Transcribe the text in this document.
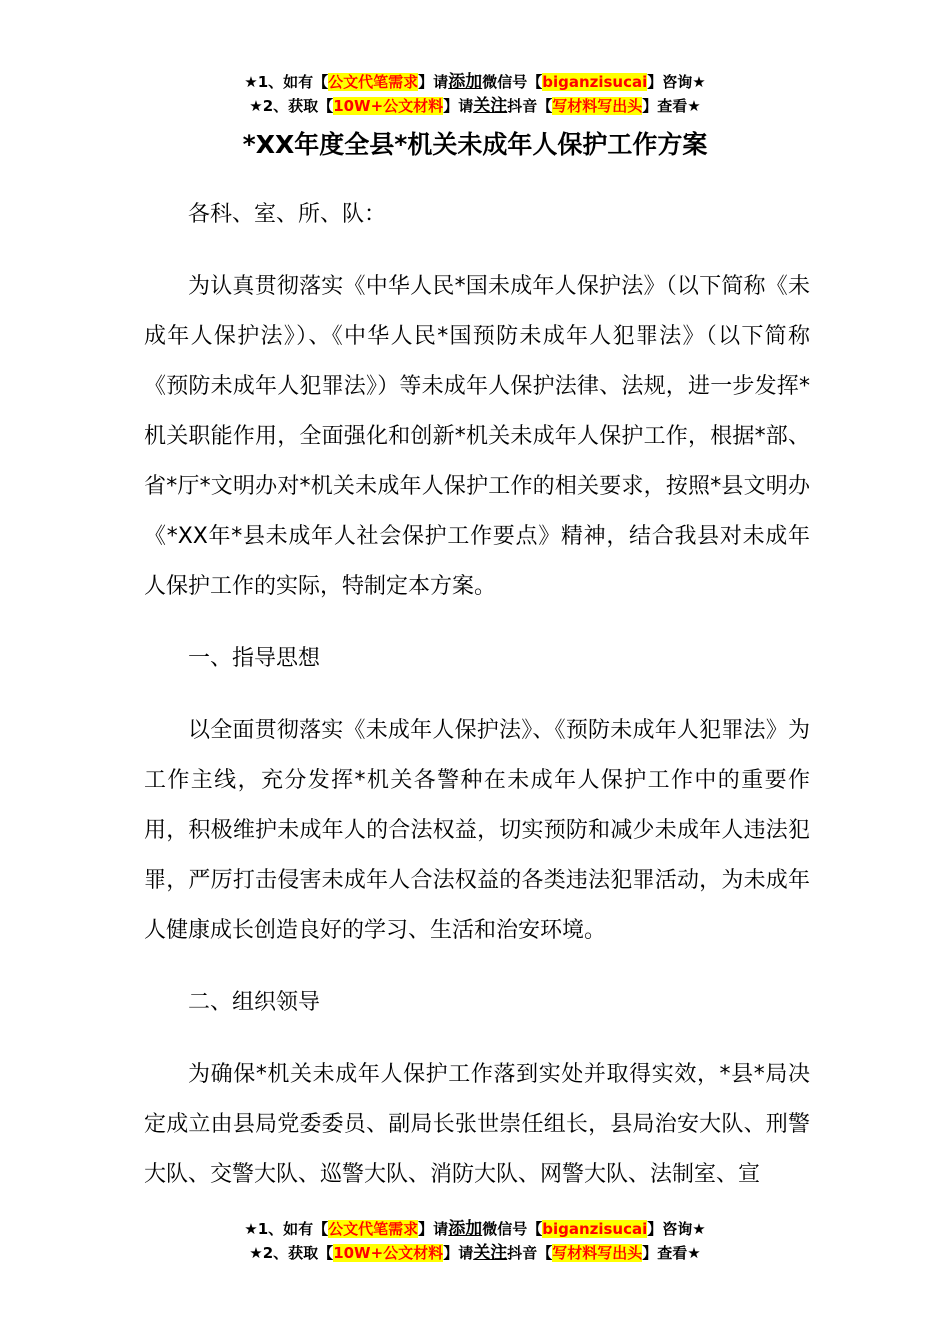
★1、如有【公文代笔需求】请添加微信号【biganzisucai】咨询★
★2、获取【10W+公文材料】请关注抖音【写材料写出头】查看★
*XX年度全县*机关未成年人保护工作方案

各科、室、所、队：

为认真贯彻落实《中华人民*国未成年人保护法》（以下简称《未成年人保护法》）、《中华人民*国预防未成年人犯罪法》（以下简称《预防未成年人犯罪法》）等未成年人保护法律、法规，进一步发挥*机关职能作用，全面强化和创新*机关未成年人保护工作，根据*部、省*厅*文明办对*机关未成年人保护工作的相关要求，按照*县文明办《*XX年*县未成年人社会保护工作要点》精神，结合我县对未成年人保护工作的实际，特制定本方案。

一、指导思想

以全面贯彻落实《未成年人保护法》、《预防未成年人犯罪法》为工作主线，充分发挥*机关各警种在未成年人保护工作中的重要作用，积极维护未成年人的合法权益，切实预防和减少未成年人违法犯罪，严厉打击侵害未成年人合法权益的各类违法犯罪活动，为未成年人健康成长创造良好的学习、生活和治安环境。

二、组织领导

为确保*机关未成年人保护工作落到实处并取得实效，*县*局决定成立由县局党委委员、副局长张世崇任组长，县局治安大队、刑警大队、交警大队、巡警大队、消防大队、网警大队、法制室、宣

★1、如有【公文代笔需求】请添加微信号【biganzisucai】咨询★
★2、获取【10W+公文材料】请关注抖音【写材料写出头】查看★
